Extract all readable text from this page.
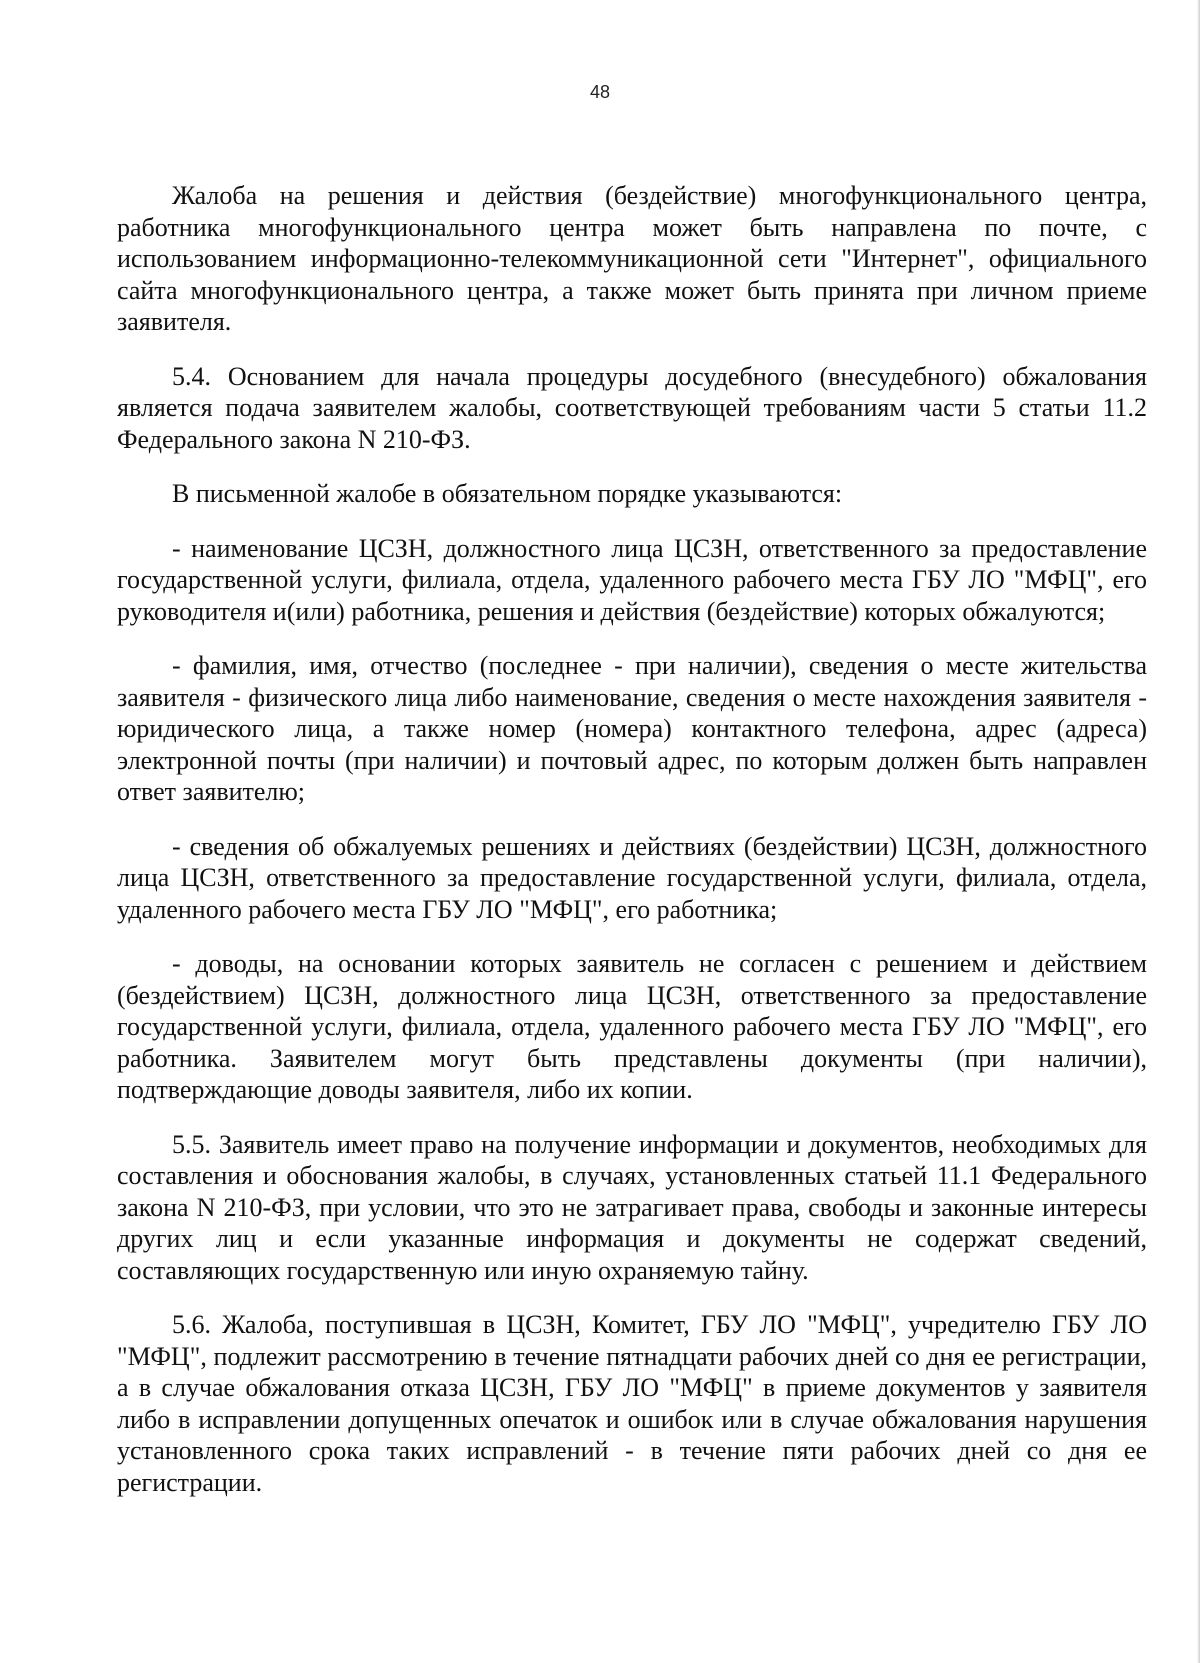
48

Жалоба на решения и действия (бездействие) многофункционального центра, работника многофункционального центра может быть направлена по почте, с использованием информационно-телекоммуникационной сети "Интернет", официального сайта многофункционального центра, а также может быть принята при личном приеме заявителя.

5.4. Основанием для начала процедуры досудебного (внесудебного) обжалования является подача заявителем жалобы, соответствующей требованиям части 5 статьи 11.2 Федерального закона N 210-ФЗ.

В письменной жалобе в обязательном порядке указываются:

- наименование ЦСЗН, должностного лица ЦСЗН, ответственного за предоставление государственной услуги, филиала, отдела, удаленного рабочего места ГБУ ЛО "МФЦ", его руководителя и(или) работника, решения и действия (бездействие) которых обжалуются;

- фамилия, имя, отчество (последнее - при наличии), сведения о месте жительства заявителя - физического лица либо наименование, сведения о месте нахождения заявителя - юридического лица, а также номер (номера) контактного телефона, адрес (адреса) электронной почты (при наличии) и почтовый адрес, по которым должен быть направлен ответ заявителю;

- сведения об обжалуемых решениях и действиях (бездействии) ЦСЗН, должностного лица ЦСЗН, ответственного за предоставление государственной услуги, филиала, отдела, удаленного рабочего места ГБУ ЛО "МФЦ", его работника;

- доводы, на основании которых заявитель не согласен с решением и действием (бездействием) ЦСЗН, должностного лица ЦСЗН, ответственного за предоставление государственной услуги, филиала, отдела, удаленного рабочего места ГБУ ЛО "МФЦ", его работника. Заявителем могут быть представлены документы (при наличии), подтверждающие доводы заявителя, либо их копии.

5.5. Заявитель имеет право на получение информации и документов, необходимых для составления и обоснования жалобы, в случаях, установленных статьей 11.1 Федерального закона N 210-ФЗ, при условии, что это не затрагивает права, свободы и законные интересы других лиц и если указанные информация и документы не содержат сведений, составляющих государственную или иную охраняемую тайну.

5.6. Жалоба, поступившая в ЦСЗН, Комитет, ГБУ ЛО "МФЦ", учредителю ГБУ ЛО "МФЦ", подлежит рассмотрению в течение пятнадцати рабочих дней со дня ее регистрации, а в случае обжалования отказа ЦСЗН, ГБУ ЛО "МФЦ" в приеме документов у заявителя либо в исправлении допущенных опечаток и ошибок или в случае обжалования нарушения установленного срока таких исправлений - в течение пяти рабочих дней со дня ее регистрации.
